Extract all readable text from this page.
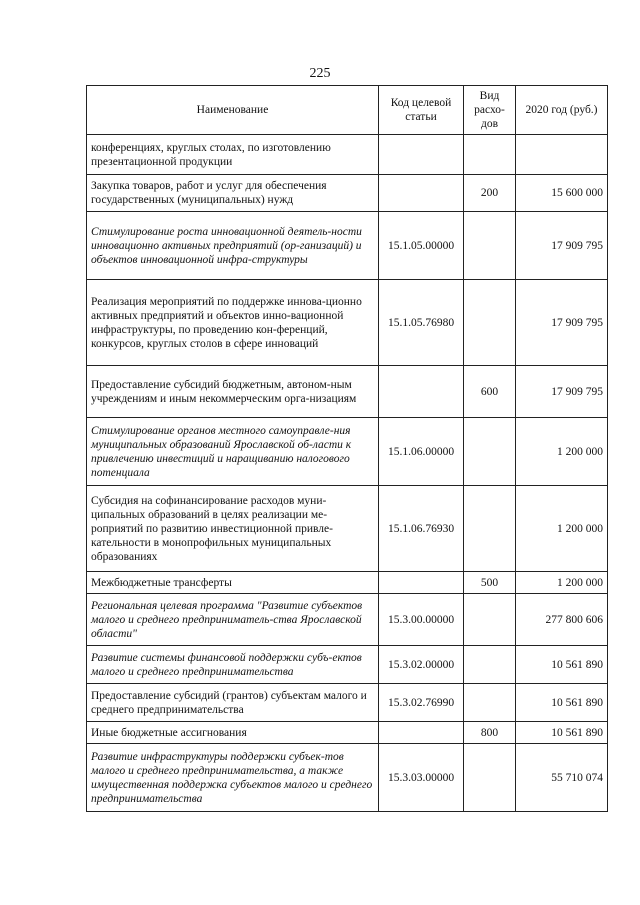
225
Наименование	Код целевой статьи	Вид расхо-дов	2020 год (руб.)
конференциях, круглых столах, по изготовлению презентационной продукции			
Закупка товаров, работ и услуг для обеспечения государственных (муниципальных) нужд		200	15 600 000
Стимулирование роста инновационной деятель-ности инновационно активных предприятий (ор-ганизаций) и объектов инновационной инфра-структуры	15.1.05.00000		17 909 795
Реализация мероприятий по поддержке иннова-ционно активных предприятий и объектов инно-вационной инфраструктуры, по проведению кон-ференций, конкурсов, круглых столов в сфере инноваций	15.1.05.76980		17 909 795
Предоставление субсидий бюджетным, автоном-ным учреждениям и иным некоммерческим орга-низациям		600	17 909 795
Стимулирование органов местного самоуправле-ния муниципальных образований Ярославской об-ласти к привлечению инвестиций и наращиванию налогового потенциала	15.1.06.00000		1 200 000
Субсидия на софинансирование расходов муни-ципальных образований в целях реализации ме-роприятий по развитию инвестиционной привле-кательности в монопрофильных муниципальных образованиях	15.1.06.76930		1 200 000
Межбюджетные трансферты		500	1 200 000
Региональная целевая программа "Развитие субъектов малого и среднего предприниматель-ства Ярославской области"	15.3.00.00000		277 800 606
Развитие системы финансовой поддержки субъ-ектов малого и среднего предпринимательства	15.3.02.00000		10 561 890
Предоставление субсидий (грантов) субъектам малого и среднего предпринимательства	15.3.02.76990		10 561 890
Иные бюджетные ассигнования		800	10 561 890
Развитие инфраструктуры поддержки субъек-тов малого и среднего предпринимательства, а также имущественная поддержка субъектов малого и среднего предпринимательства	15.3.03.00000		55 710 074
